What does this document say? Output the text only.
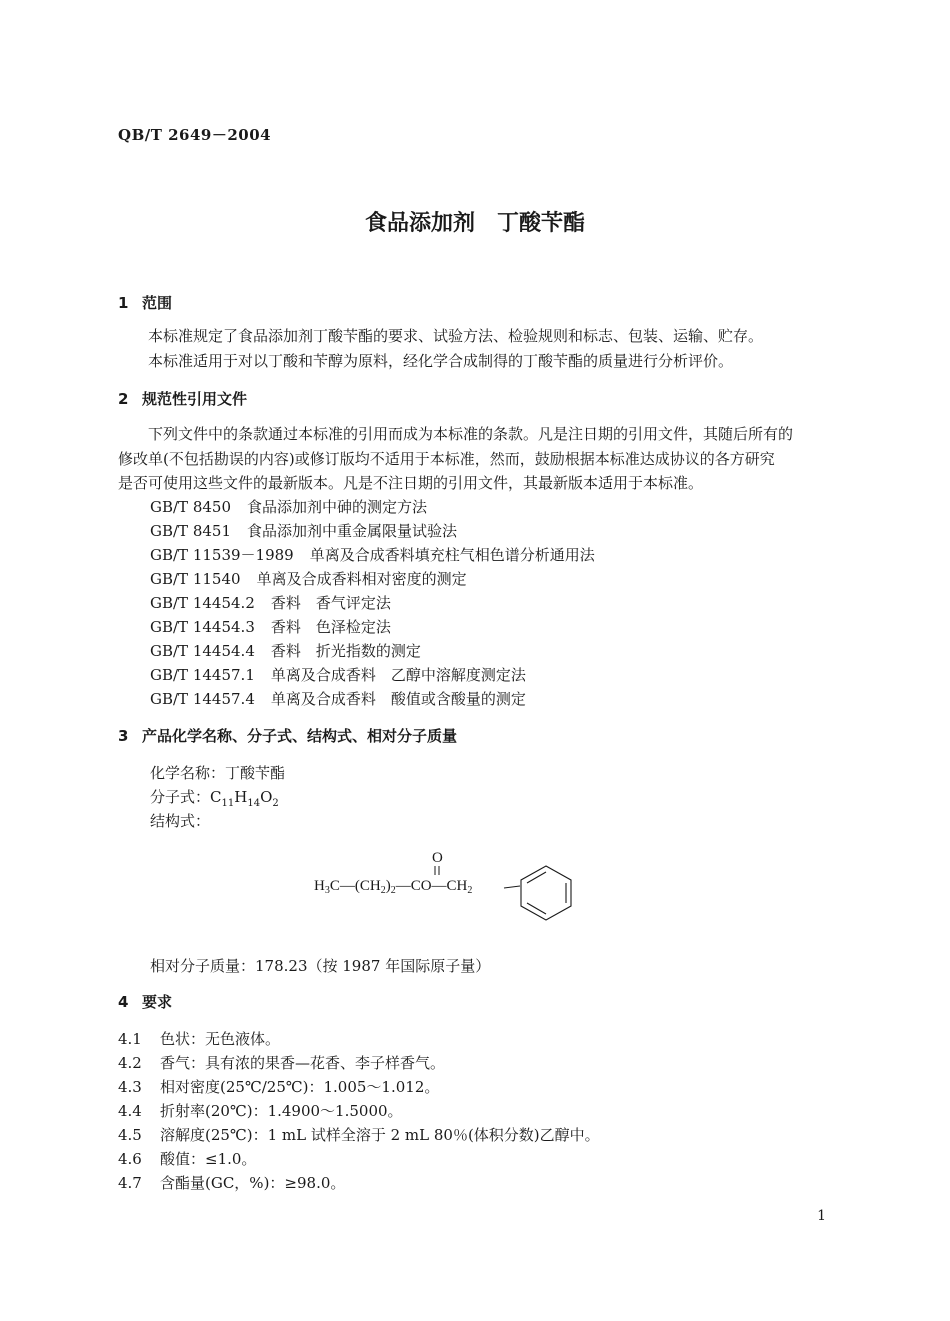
QB/T 2649－2004
食品添加剂　丁酸苄酯
1 范围
本标准规定了食品添加剂丁酸苄酯的要求、试验方法、检验规则和标志、包装、运输、贮存。
本标准适用于对以丁酸和苄醇为原料，经化学合成制得的丁酸苄酯的质量进行分析评价。
2 规范性引用文件
下列文件中的条款通过本标准的引用而成为本标准的条款。凡是注日期的引用文件，其随后所有的
修改单(不包括勘误的内容)或修订版均不适用于本标准，然而，鼓励根据本标准达成协议的各方研究
是否可使用这些文件的最新版本。凡是不注日期的引用文件，其最新版本适用于本标准。
GB/T 8450 食品添加剂中砷的测定方法
GB/T 8451 食品添加剂中重金属限量试验法
GB/T 11539－1989 单离及合成香料填充柱气相色谱分析通用法
GB/T 11540 单离及合成香料相对密度的测定
GB/T 14454.2 香料　香气评定法
GB/T 14454.3 香料　色泽检定法
GB/T 14454.4 香料　折光指数的测定
GB/T 14457.1 单离及合成香料　乙醇中溶解度测定法
GB/T 14457.4 单离及合成香料　酸值或含酸量的测定
3 产品化学名称、分子式、结构式、相对分子质量
化学名称：丁酸苄酯
分子式：$C_{11}H_{14}O_2$
结构式：
O
$H_3C—(CH_2)_2—CO—CH_2$
相对分子质量：178.23（按 1987 年国际原子量）
4 要求
4.1 色状：无色液体。
4.2 香气：具有浓的果香—花香、李子样香气。
4.3 相对密度(25℃/25℃)：1.005～1.012。
4.4 折射率(20℃)：1.4900～1.5000。
4.5 溶解度(25℃)：1 mL 试样全溶于 2 mL 80％(体积分数)乙醇中。
4.6 酸值：≤1.0。
4.7 含酯量(GC，%)：≥98.0。
1
